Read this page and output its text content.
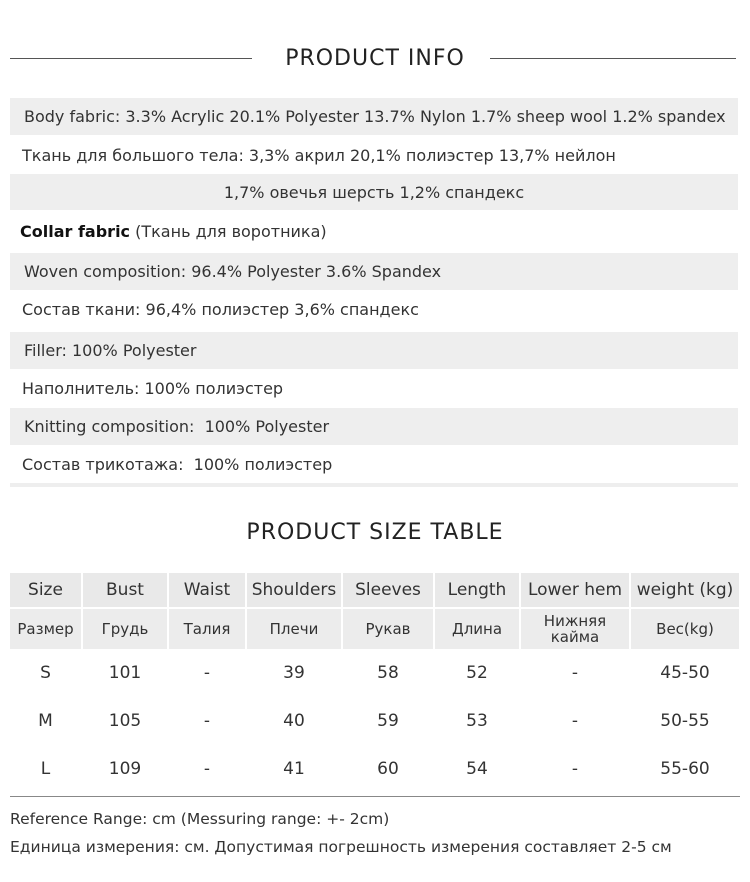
PRODUCT INFO
Body fabric: 3.3% Acrylic 20.1% Polyester 13.7% Nylon 1.7% sheep wool 1.2% spandex
Ткань для большого тела: 3,3% акрил 20,1% полиэстер 13,7% нейлон
1,7% овечья шерсть 1,2% спандекс
Collar fabric (Ткань для воротника)
Woven composition: 96.4% Polyester 3.6% Spandex
Состав ткани: 96,4% полиэстер 3,6% спандекс
Filler: 100% Polyester
Наполнитель: 100% полиэстер
Knitting composition:  100% Polyester
Состав трикотажа:  100% полиэстер
PRODUCT SIZE TABLE
Size	Bust	Waist	Shoulders	Sleeves	Length	Lower hem	weight (kg)
Размер	Грудь	Талия	Плечи	Рукав	Длина	Нижняя кайма	Вес(kg)
S	101	-	39	58	52	-	45-50
M	105	-	40	59	53	-	50-55
L	109	-	41	60	54	-	55-60
Reference Range: cm (Messuring range: +- 2cm)
Единица измерения: см. Допустимая погрешность измерения составляет 2-5 см
